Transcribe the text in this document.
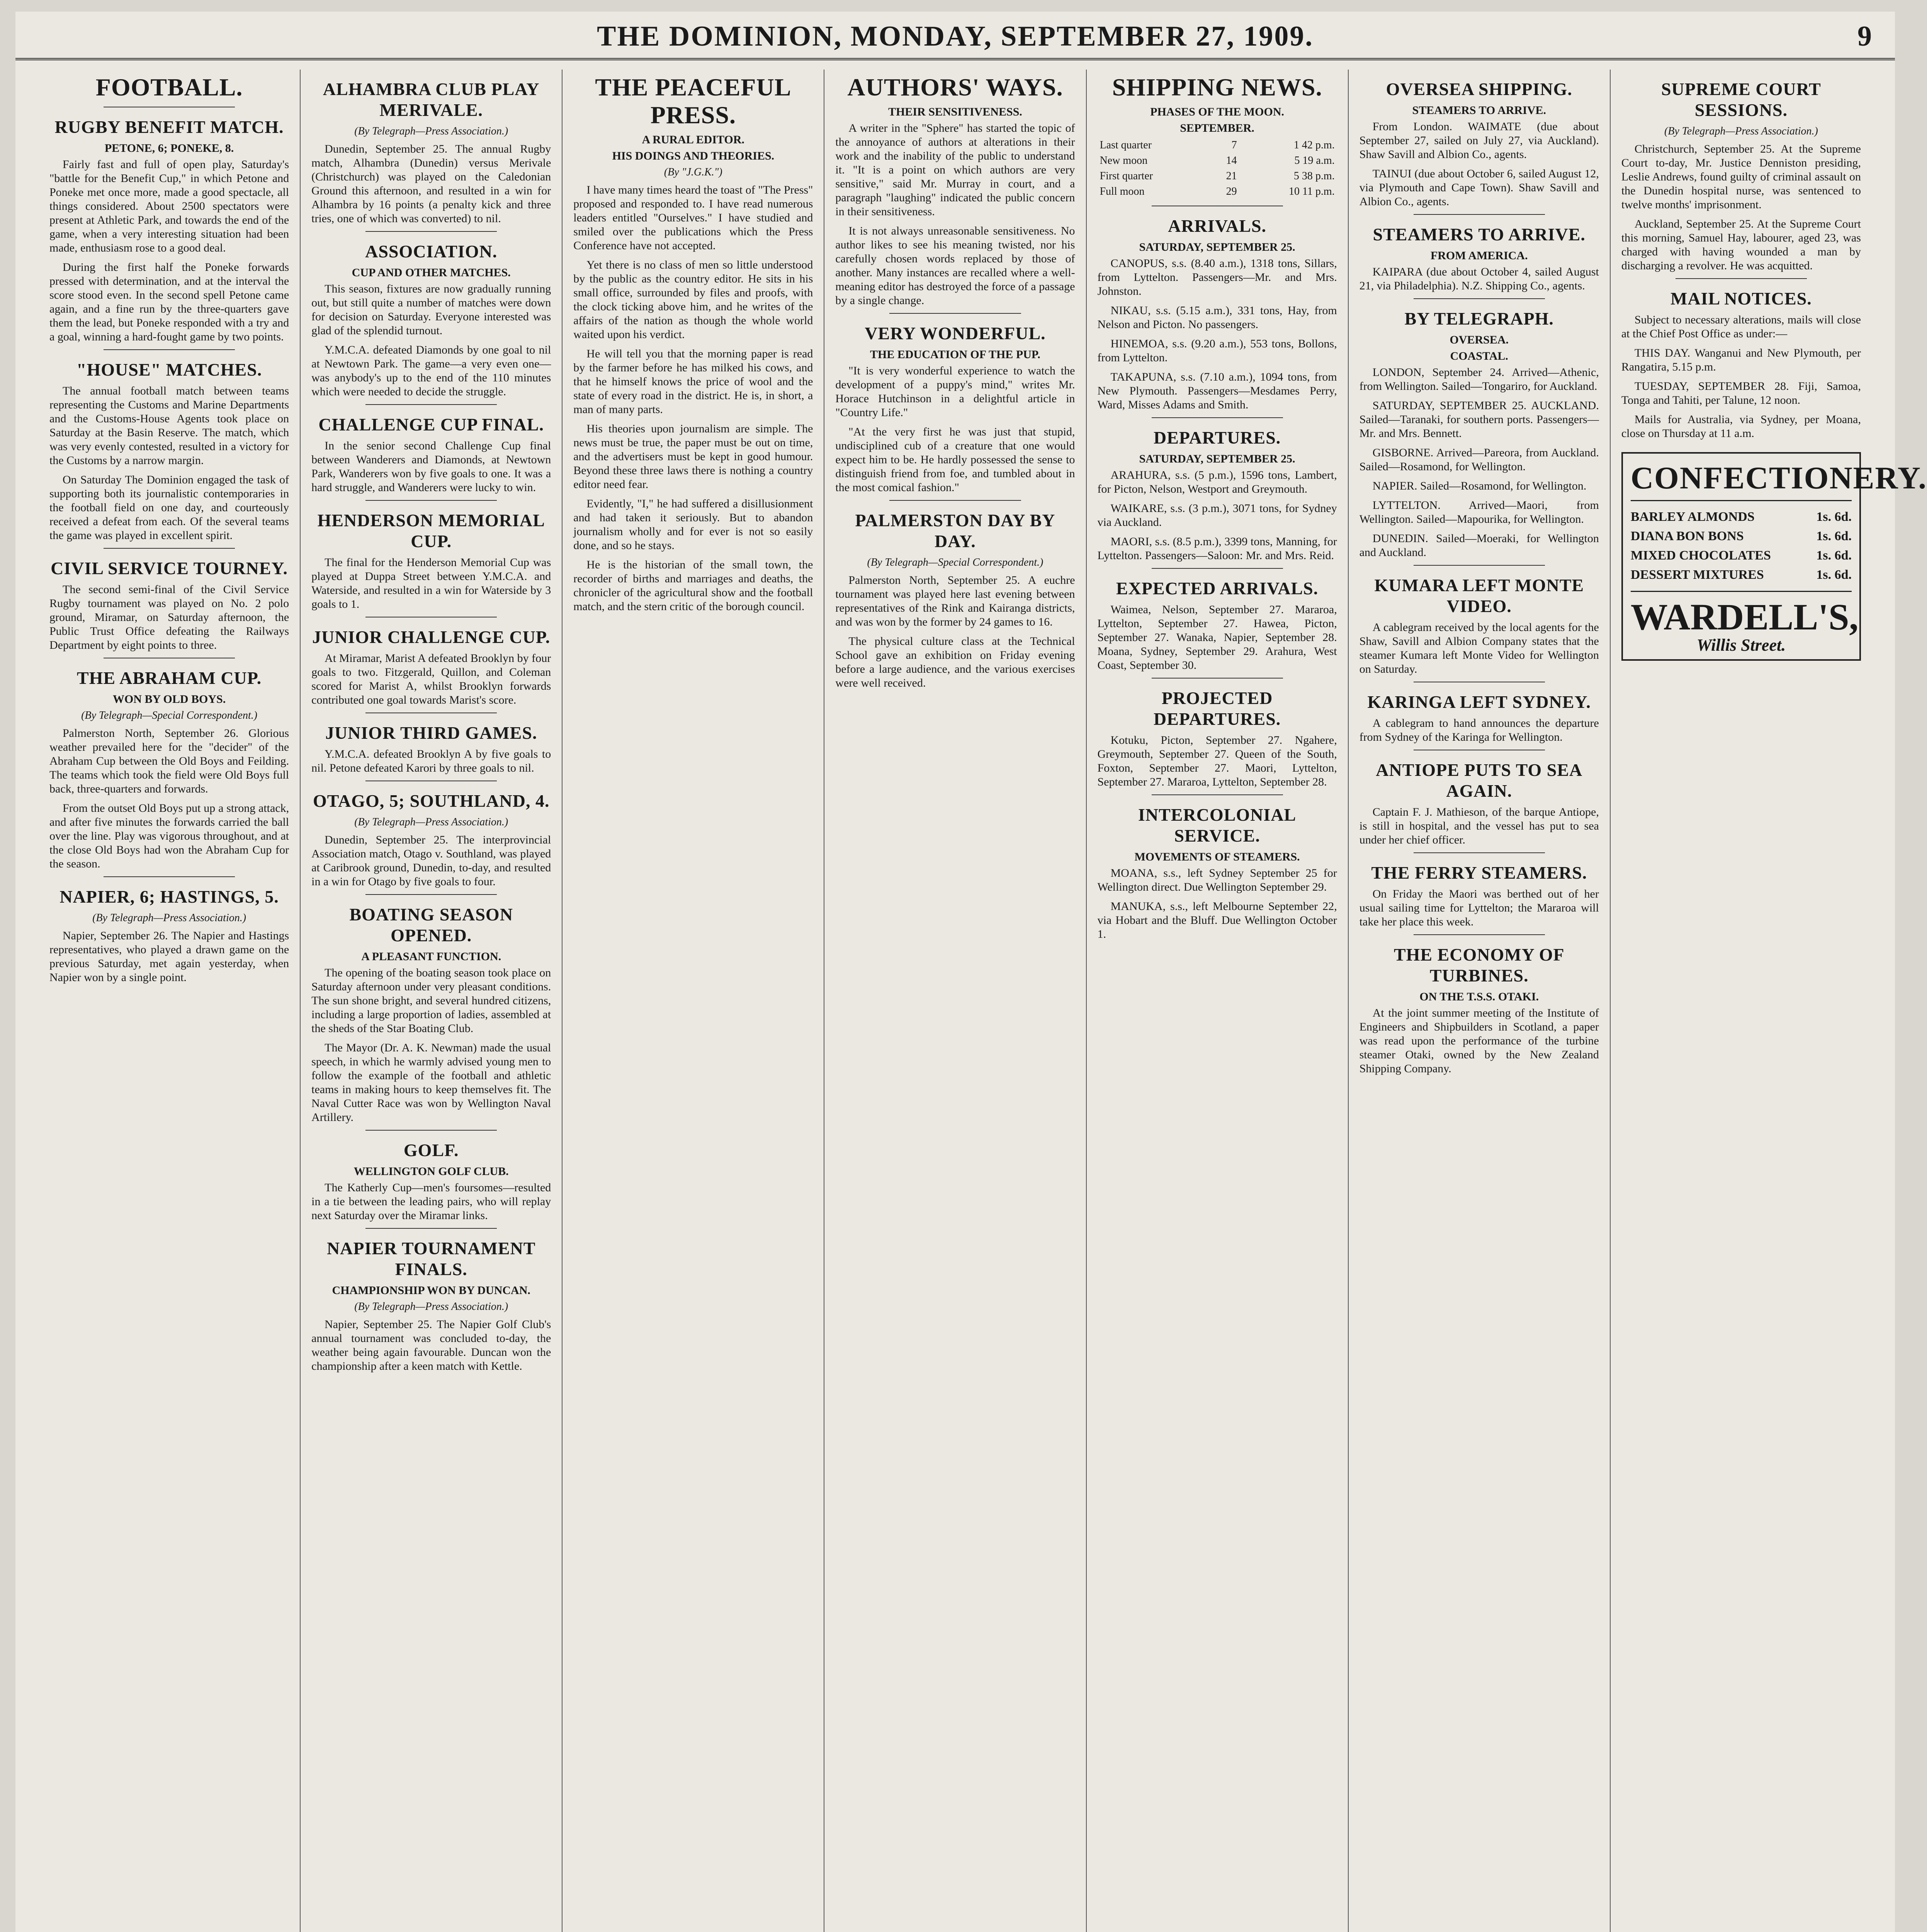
THE DOMINION, MONDAY, SEPTEMBER 27, 1909.	9
FOOTBALL.
RUGBY BENEFIT MATCH.
PETONE, 6; PONEKE, 8.

Fairly fast and full of open play, Saturday's "battle for the Benefit Cup," in which Petone and Poneke met once more, made a good spectacle, all things considered. About 2500 spectators were present at Athletic Park, and towards the end of the game, when a very interesting situation had been made, enthusiasm rose to a good deal.

During the first half the Poneke forwards pressed with determination, and at the interval the score stood even. In the second spell Petone came again, and a fine run by the three-quarters gave them the lead, but Poneke responded with a try and a goal, winning a hard-fought game by two points.

"HOUSE" MATCHES.

The annual football match between teams representing the Customs and Marine Departments and the Customs-House Agents took place on Saturday at the Basin Reserve. The match, which was very evenly contested, resulted in a victory for the Customs by a narrow margin.

On Saturday The Dominion engaged the task of supporting both its journalistic contemporaries in the football field on one day, and courteously received a defeat from each. Of the several teams the game was played in excellent spirit.

CIVIL SERVICE TOURNEY.

The second semi-final of the Civil Service Rugby tournament was played on No. 2 polo ground, Miramar, on Saturday afternoon, the Public Trust Office defeating the Railways Department by eight points to three.

THE ABRAHAM CUP.
WON BY OLD BOYS.
(By Telegraph—Special Correspondent.)

Palmerston North, September 26. Glorious weather prevailed here for the "decider" of the Abraham Cup between the Old Boys and Feilding. The teams which took the field were Old Boys full back, three-quarters and forwards.

From the outset Old Boys put up a strong attack, and after five minutes the forwards carried the ball over the line. Play was vigorous throughout, and at the close Old Boys had won the Abraham Cup for the season.

NAPIER, 6; HASTINGS, 5.
(By Telegraph—Press Association.)

Napier, September 26. The Napier and Hastings representatives, who played a drawn game on the previous Saturday, met again yesterday, when Napier won by a single point.

ALHAMBRA CLUB PLAY MERIVALE.
(By Telegraph—Press Association.)

Dunedin, September 25. The annual Rugby match, Alhambra (Dunedin) versus Merivale (Christchurch) was played on the Caledonian Ground this afternoon, and resulted in a win for Alhambra by 16 points (a penalty kick and three tries, one of which was converted) to nil.

ASSOCIATION.
CUP AND OTHER MATCHES.

This season, fixtures are now gradually running out, but still quite a number of matches were down for decision on Saturday. Everyone interested was glad of the splendid turnout.

Y.M.C.A. defeated Diamonds by one goal to nil at Newtown Park. The game—a very even one—was anybody's up to the end of the 110 minutes which were needed to decide the struggle.

CHALLENGE CUP FINAL.

In the senior second Challenge Cup final between Wanderers and Diamonds, at Newtown Park, Wanderers won by five goals to one. It was a hard struggle, and Wanderers were lucky to win.

HENDERSON MEMORIAL CUP.

The final for the Henderson Memorial Cup was played at Duppa Street between Y.M.C.A. and Waterside, and resulted in a win for Waterside by 3 goals to 1.

JUNIOR CHALLENGE CUP.

At Miramar, Marist A defeated Brooklyn by four goals to two. Fitzgerald, Quillon, and Coleman scored for Marist A, whilst Brooklyn forwards contributed one goal towards Marist's score.

JUNIOR THIRD GAMES.

Y.M.C.A. defeated Brooklyn A by five goals to nil. Petone defeated Karori by three goals to nil.

OTAGO, 5; SOUTHLAND, 4.
(By Telegraph—Press Association.)

Dunedin, September 25. The interprovincial Association match, Otago v. Southland, was played at Caribrook ground, Dunedin, to-day, and resulted in a win for Otago by five goals to four.

BOATING SEASON OPENED.
A PLEASANT FUNCTION.

The opening of the boating season took place on Saturday afternoon under very pleasant conditions. The sun shone bright, and several hundred citizens, including a large proportion of ladies, assembled at the sheds of the Star Boating Club.

The Mayor (Dr. A. K. Newman) made the usual speech, in which he warmly advised young men to follow the example of the football and athletic teams in making hours to keep themselves fit. The Naval Cutter Race was won by Wellington Naval Artillery.

GOLF.
WELLINGTON GOLF CLUB.

The Katherly Cup—men's foursomes—resulted in a tie between the leading pairs, who will replay next Saturday over the Miramar links.

NAPIER TOURNAMENT FINALS.
CHAMPIONSHIP WON BY DUNCAN.
(By Telegraph—Press Association.)

Napier, September 25. The Napier Golf Club's annual tournament was concluded to-day, the weather being again favourable. Duncan won the championship after a keen match with Kettle.

THE PEACEFUL PRESS.
A RURAL EDITOR.
HIS DOINGS AND THEORIES.
(By "J.G.K.")

I have many times heard the toast of "The Press" proposed and responded to. I have read numerous leaders entitled "Ourselves." I have studied and smiled over the publications which the Press Conference have not accepted.

Yet there is no class of men so little understood by the public as the country editor. He sits in his small office, surrounded by files and proofs, with the clock ticking above him, and he writes of the affairs of the nation as though the whole world waited upon his verdict.

He will tell you that the morning paper is read by the farmer before he has milked his cows, and that he himself knows the price of wool and the state of every road in the district. He is, in short, a man of many parts.

His theories upon journalism are simple. The news must be true, the paper must be out on time, and the advertisers must be kept in good humour. Beyond these three laws there is nothing a country editor need fear.

Evidently, "I," he had suffered a disillusionment and had taken it seriously. But to abandon journalism wholly and for ever is not so easily done, and so he stays.

He is the historian of the small town, the recorder of births and marriages and deaths, the chronicler of the agricultural show and the football match, and the stern critic of the borough council.

AUTHORS' WAYS.
THEIR SENSITIVENESS.

A writer in the "Sphere" has started the topic of the annoyance of authors at alterations in their work and the inability of the public to understand it. "It is a point on which authors are very sensitive," said Mr. Murray in court, and a paragraph "laughing" indicated the public concern in their sensitiveness.

It is not always unreasonable sensitiveness. No author likes to see his meaning twisted, nor his carefully chosen words replaced by those of another. Many instances are recalled where a well-meaning editor has destroyed the force of a passage by a single change.

VERY WONDERFUL.
THE EDUCATION OF THE PUP.

"It is very wonderful experience to watch the development of a puppy's mind," writes Mr. Horace Hutchinson in a delightful article in "Country Life."

"At the very first he was just that stupid, undisciplined cub of a creature that one would expect him to be. He hardly possessed the sense to distinguish friend from foe, and tumbled about in the most comical fashion."

PALMERSTON DAY BY DAY.
(By Telegraph—Special Correspondent.)

Palmerston North, September 25. A euchre tournament was played here last evening between representatives of the Rink and Kairanga districts, and was won by the former by 24 games to 16.

The physical culture class at the Technical School gave an exhibition on Friday evening before a large audience, and the various exercises were well received.

SHIPPING NEWS.
PHASES OF THE MOON.
SEPTEMBER.
Last quarter	7	1 42 p.m.
New moon	14	5 19 a.m.
First quarter	21	5 38 p.m.
Full moon	29	10 11 p.m.
ARRIVALS.
SATURDAY, SEPTEMBER 25.

CANOPUS, s.s. (8.40 a.m.), 1318 tons, Sillars, from Lyttelton. Passengers—Mr. and Mrs. Johnston.

NIKAU, s.s. (5.15 a.m.), 331 tons, Hay, from Nelson and Picton. No passengers.

HINEMOA, s.s. (9.20 a.m.), 553 tons, Bollons, from Lyttelton.

TAKAPUNA, s.s. (7.10 a.m.), 1094 tons, from New Plymouth. Passengers—Mesdames Perry, Ward, Misses Adams and Smith.

DEPARTURES.
SATURDAY, SEPTEMBER 25.

ARAHURA, s.s. (5 p.m.), 1596 tons, Lambert, for Picton, Nelson, Westport and Greymouth.

WAIKARE, s.s. (3 p.m.), 3071 tons, for Sydney via Auckland.

MAORI, s.s. (8.5 p.m.), 3399 tons, Manning, for Lyttelton. Passengers—Saloon: Mr. and Mrs. Reid.

EXPECTED ARRIVALS.

Waimea, Nelson, September 27. Mararoa, Lyttelton, September 27. Hawea, Picton, September 27. Wanaka, Napier, September 28. Moana, Sydney, September 29. Arahura, West Coast, September 30.

PROJECTED DEPARTURES.

Kotuku, Picton, September 27. Ngahere, Greymouth, September 27. Queen of the South, Foxton, September 27. Maori, Lyttelton, September 27. Mararoa, Lyttelton, September 28.

INTERCOLONIAL SERVICE.
MOVEMENTS OF STEAMERS.

MOANA, s.s., left Sydney September 25 for Wellington direct. Due Wellington September 29.

MANUKA, s.s., left Melbourne September 22, via Hobart and the Bluff. Due Wellington October 1.

OVERSEA SHIPPING.
STEAMERS TO ARRIVE.

From London. WAIMATE (due about September 27, sailed on July 27, via Auckland). Shaw Savill and Albion Co., agents.

TAINUI (due about October 6, sailed August 12, via Plymouth and Cape Town). Shaw Savill and Albion Co., agents.

STEAMERS TO ARRIVE.
FROM AMERICA.

KAIPARA (due about October 4, sailed August 21, via Philadelphia). N.Z. Shipping Co., agents.

BY TELEGRAPH.
OVERSEA.
COASTAL.

LONDON, September 24. Arrived—Athenic, from Wellington. Sailed—Tongariro, for Auckland.

SATURDAY, SEPTEMBER 25. AUCKLAND. Sailed—Taranaki, for southern ports. Passengers—Mr. and Mrs. Bennett.

GISBORNE. Arrived—Pareora, from Auckland. Sailed—Rosamond, for Wellington.

NAPIER. Sailed—Rosamond, for Wellington.

LYTTELTON. Arrived—Maori, from Wellington. Sailed—Mapourika, for Wellington.

DUNEDIN. Sailed—Moeraki, for Wellington and Auckland.

KUMARA LEFT MONTE VIDEO.

A cablegram received by the local agents for the Shaw, Savill and Albion Company states that the steamer Kumara left Monte Video for Wellington on Saturday.

KARINGA LEFT SYDNEY.

A cablegram to hand announces the departure from Sydney of the Karinga for Wellington.

ANTIOPE PUTS TO SEA AGAIN.

Captain F. J. Mathieson, of the barque Antiope, is still in hospital, and the vessel has put to sea under her chief officer.

THE FERRY STEAMERS.

On Friday the Maori was berthed out of her usual sailing time for Lyttelton; the Mararoa will take her place this week.

THE ECONOMY OF TURBINES.
ON THE T.S.S. OTAKI.

At the joint summer meeting of the Institute of Engineers and Shipbuilders in Scotland, a paper was read upon the performance of the turbine steamer Otaki, owned by the New Zealand Shipping Company.

SUPREME COURT SESSIONS.
(By Telegraph—Press Association.)

Christchurch, September 25. At the Supreme Court to-day, Mr. Justice Denniston presiding, Leslie Andrews, found guilty of criminal assault on the Dunedin hospital nurse, was sentenced to twelve months' imprisonment.

Auckland, September 25. At the Supreme Court this morning, Samuel Hay, labourer, aged 23, was charged with having wounded a man by discharging a revolver. He was acquitted.

MAIL NOTICES.

Subject to necessary alterations, mails will close at the Chief Post Office as under:—

THIS DAY. Wanganui and New Plymouth, per Rangatira, 5.15 p.m.

TUESDAY, SEPTEMBER 28. Fiji, Samoa, Tonga and Tahiti, per Talune, 12 noon.

Mails for Australia, via Sydney, per Moana, close on Thursday at 11 a.m.

CONFECTIONERY.
BARLEY ALMONDS	1s. 6d.
DIANA BON BONS	1s. 6d.
MIXED CHOCOLATES	1s. 6d.
DESSERT MIXTURES	1s. 6d.
WARDELL'S,
Willis Street.
